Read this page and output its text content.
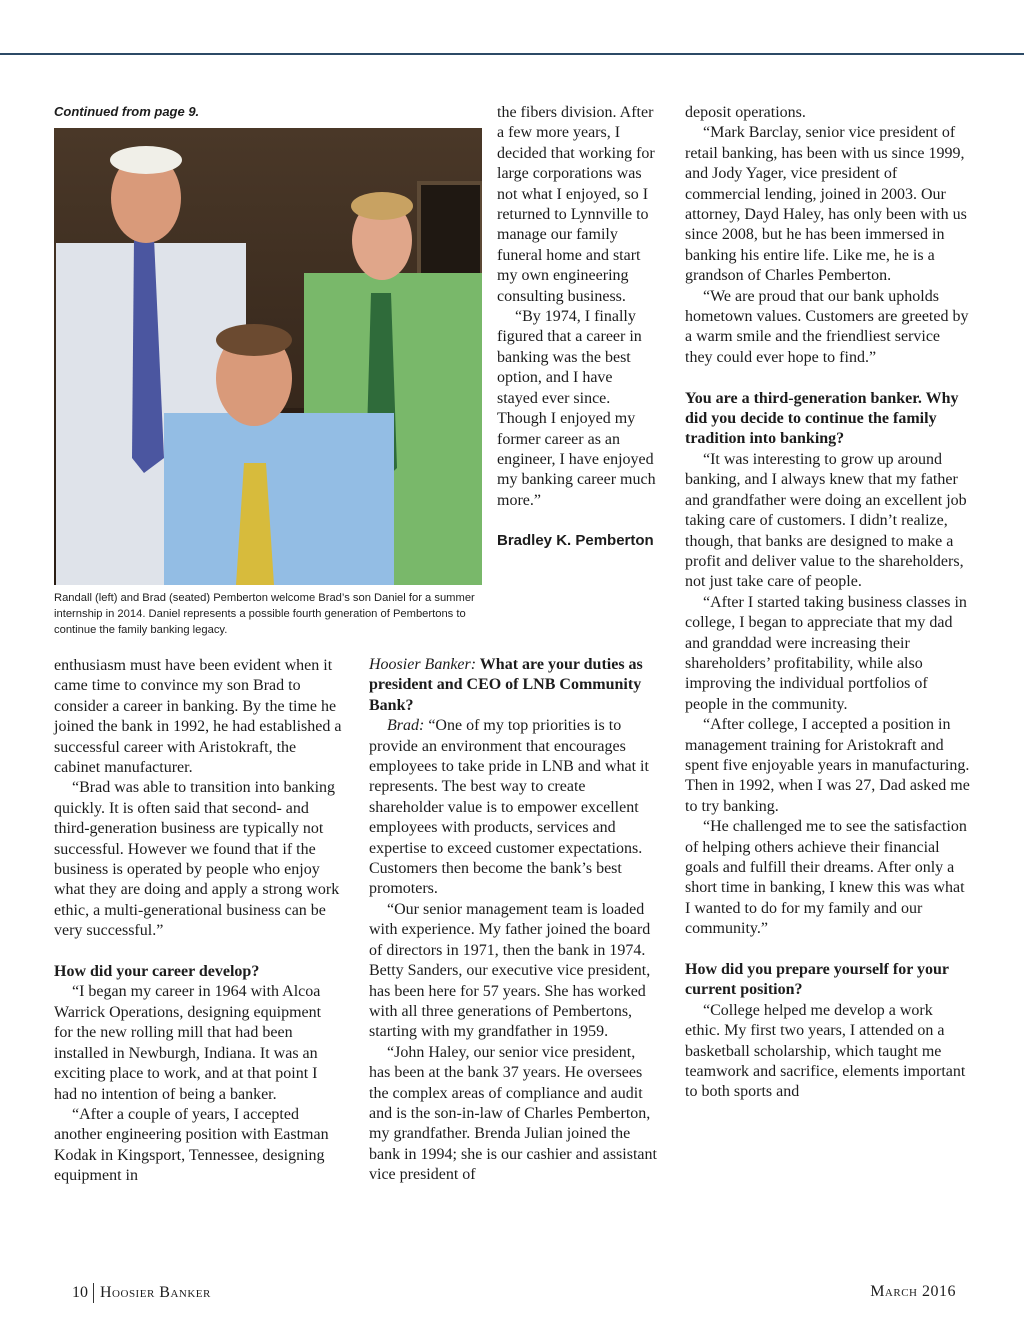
Continued from page 9.
Randall (left) and Brad (seated) Pemberton welcome Brad’s son Daniel for a summer internship in 2014. Daniel represents a possible fourth generation of Pembertons to continue the family banking legacy.

the fibers division. After a few more years, I decided that working for large corporations was not what I enjoyed, so I returned to Lynnville to manage our family funeral home and start my own engineering consulting business.

“By 1974, I finally figured that a career in banking was the best option, and I have stayed ever since. Though I enjoyed my former career as an engineer, I have enjoyed my banking career much more.”

Bradley K. Pemberton

enthusiasm must have been evident when it came time to convince my son Brad to consider a career in banking. By the time he joined the bank in 1992, he had established a successful career with Aristokraft, the cabinet manufacturer.

“Brad was able to transition into banking quickly. It is often said that second- and third-generation business are typically not successful. However we found that if the business is operated by people who enjoy what they are doing and apply a strong work ethic, a multi-generational business can be very successful.”

How did your career develop?

“I began my career in 1964 with Alcoa Warrick Operations, designing equipment for the new rolling mill that had been installed in Newburgh, Indiana. It was an exciting place to work, and at that point I had no intention of being a banker.

“After a couple of years, I accepted another engineering position with Eastman Kodak in Kingsport, Tennessee, designing equipment in

Hoosier Banker: What are your duties as president and CEO of LNB Community Bank?

Brad: “One of my top priorities is to provide an environment that encourages employees to take pride in LNB and what it represents. The best way to create shareholder value is to empower excellent employees with products, services and expertise to exceed customer expectations. Customers then become the bank’s best promoters.

“Our senior management team is loaded with experience. My father joined the board of directors in 1971, then the bank in 1974. Betty Sanders, our executive vice president, has been here for 57 years. She has worked with all three generations of Pembertons, starting with my grandfather in 1959.

“John Haley, our senior vice president, has been at the bank 37 years. He oversees the complex areas of compliance and audit and is the son-in-law of Charles Pemberton, my grandfather. Brenda Julian joined the bank in 1994; she is our cashier and assistant vice president of

deposit operations.

“Mark Barclay, senior vice president of retail banking, has been with us since 1999, and Jody Yager, vice president of commercial lending, joined in 2003. Our attorney, Dayd Haley, has only been with us since 2008, but he has been immersed in banking his entire life. Like me, he is a grandson of Charles Pemberton.

“We are proud that our bank upholds hometown values. Customers are greeted by a warm smile and the friendliest service they could ever hope to find.”

You are a third-generation banker. Why did you decide to continue the family tradition into banking?

“It was interesting to grow up around banking, and I always knew that my father and grandfather were doing an excellent job taking care of customers. I didn’t realize, though, that banks are designed to make a profit and deliver value to the shareholders, not just take care of people.

“After I started taking business classes in college, I began to appreciate that my dad and granddad were increasing their shareholders’ profitability, while also improving the individual portfolios of people in the community.

“After college, I accepted a position in management training for Aristokraft and spent five enjoyable years in manufacturing. Then in 1992, when I was 27, Dad asked me to try banking.

“He challenged me to see the satisfaction of helping others achieve their financial goals and fulfill their dreams. After only a short time in banking, I knew this was what I wanted to do for my family and our community.”

How did you prepare yourself for your current position?

“College helped me develop a work ethic. My first two years, I attended on a basketball scholarship, which taught me teamwork and sacrifice, elements important to both sports and

10 Hoosier Banker	March 2016
